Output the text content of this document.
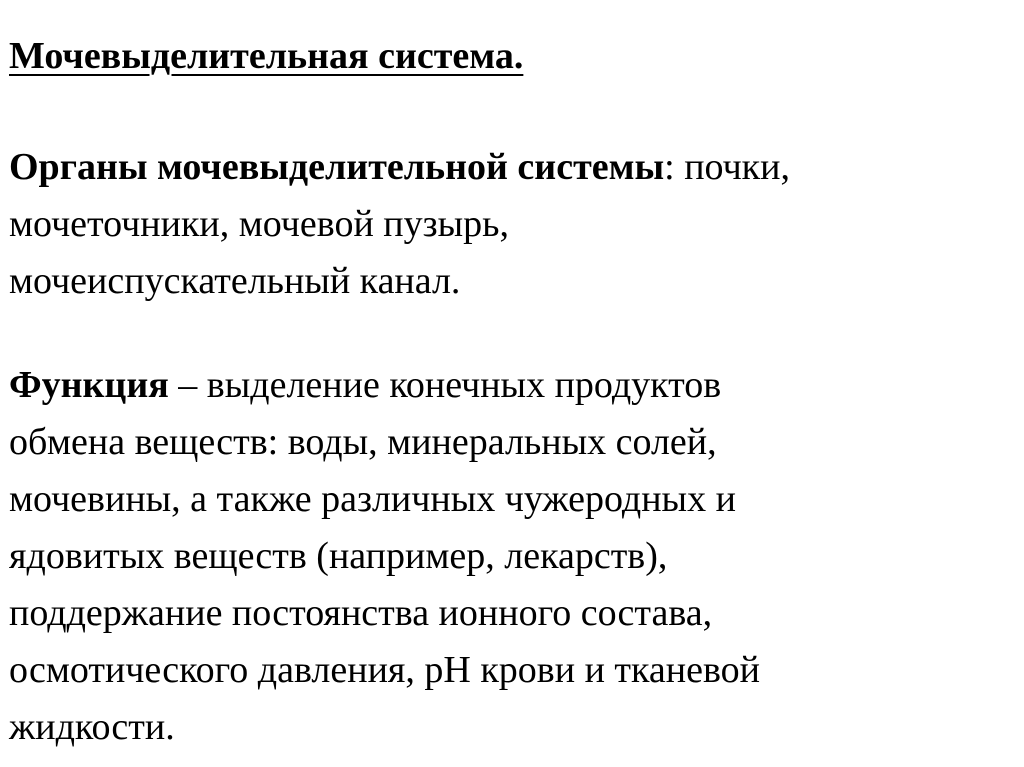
Мочевыделительная система.

Органы мочевыделительной системы: почки,
мочеточники, мочевой пузырь,
мочеиспускательный канал.

Функция – выделение конечных продуктов
обмена веществ: воды, минеральных солей,
мочевины, а также различных чужеродных и
ядовитых веществ (например, лекарств),
поддержание постоянства ионного состава,
осмотического давления, pH крови и тканевой
жидкости.
